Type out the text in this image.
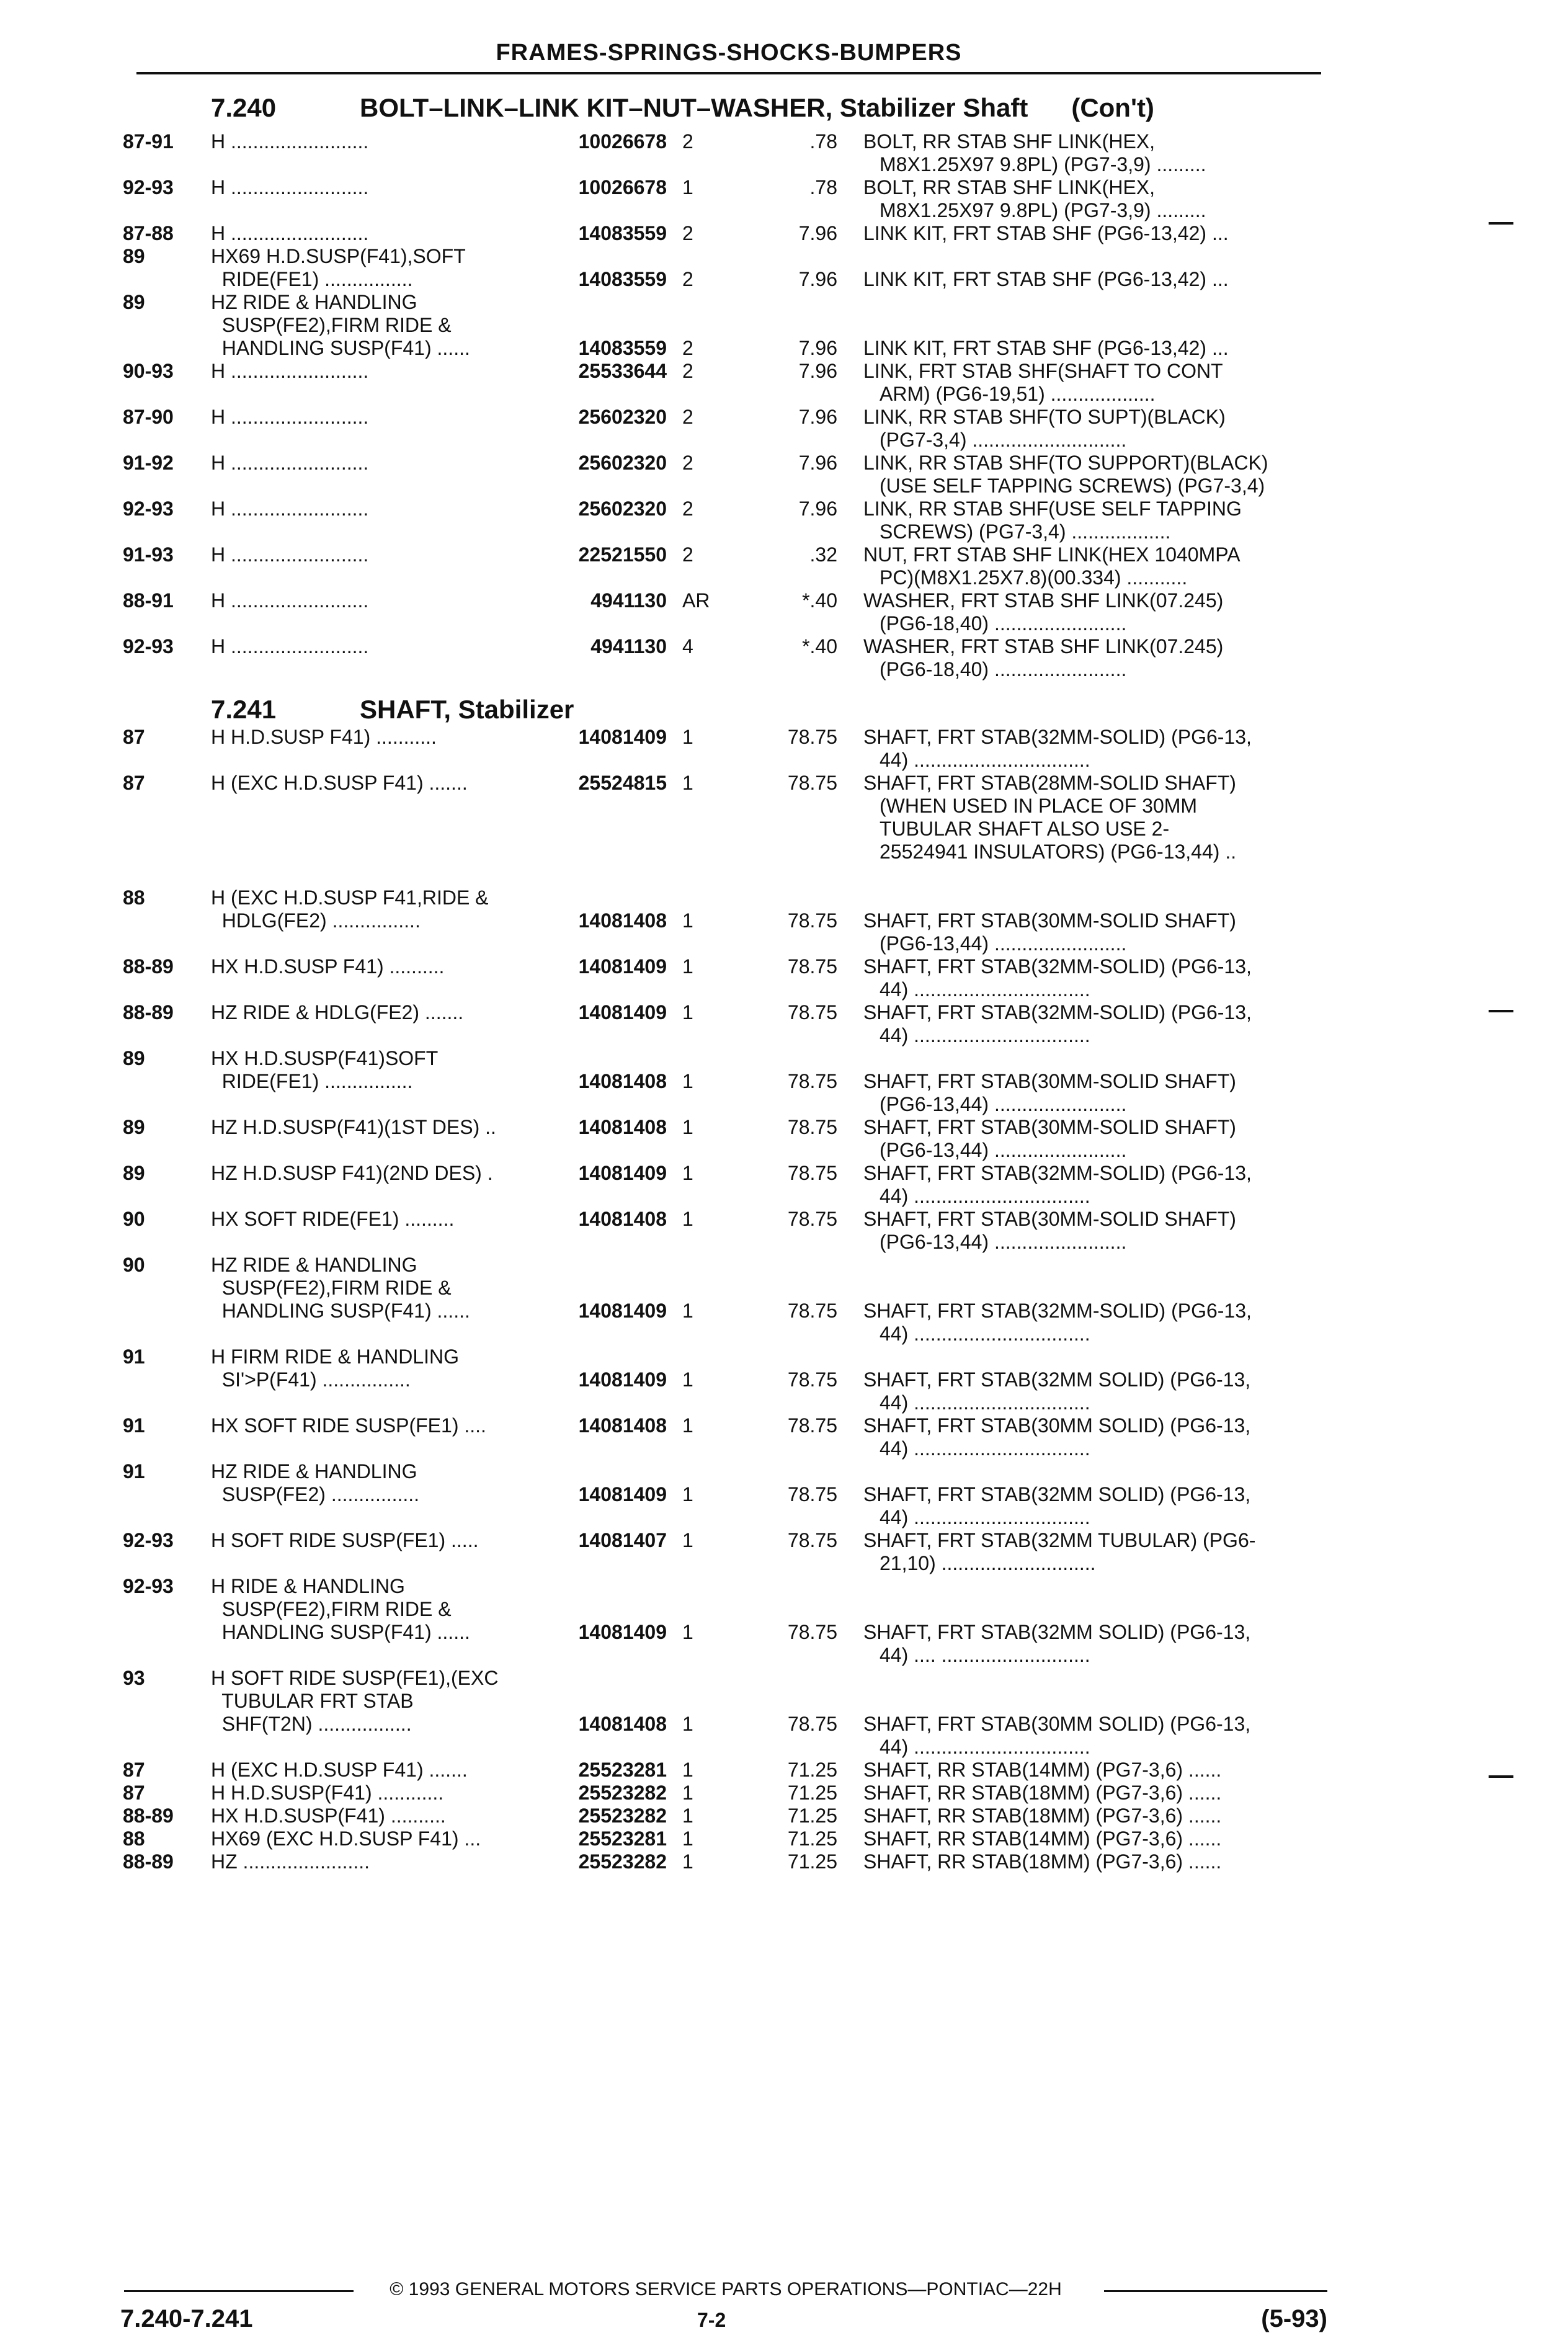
FRAMES-SPRINGS-SHOCKS-BUMPERS
7.240	BOLT–LINK–LINK KIT–NUT–WASHER, Stabilizer Shaft (Con't)
87-91	H .........................	10026678 2	.78 BOLT, RR STAB SHF LINK(HEX,
M8X1.25X97 9.8PL) (PG7-3,9) .........
92-93	H .........................	10026678 1	.78 BOLT, RR STAB SHF LINK(HEX,
M8X1.25X97 9.8PL) (PG7-3,9) .........
87-88	H .........................	14083559 2	7.96 LINK KIT, FRT STAB SHF (PG6-13,42) ...
89	HX69 H.D.SUSP(F41),SOFT
RIDE(FE1) ................	14083559 2	7.96 LINK KIT, FRT STAB SHF (PG6-13,42) ...
89	HZ RIDE & HANDLING
SUSP(FE2),FIRM RIDE &
HANDLING SUSP(F41) ......	14083559 2	7.96 LINK KIT, FRT STAB SHF (PG6-13,42) ...
90-93	H .........................	25533644 2	7.96 LINK, FRT STAB SHF(SHAFT TO CONT
ARM) (PG6-19,51) ...................
87-90	H .........................	25602320 2	7.96 LINK, RR STAB SHF(TO SUPT)(BLACK)
(PG7-3,4) ............................
91-92	H .........................	25602320 2	7.96 LINK, RR STAB SHF(TO SUPPORT)(BLACK)
(USE SELF TAPPING SCREWS) (PG7-3,4)
92-93	H .........................	25602320 2	7.96 LINK, RR STAB SHF(USE SELF TAPPING
SCREWS) (PG7-3,4) ..................
91-93	H .........................	22521550 2	.32 NUT, FRT STAB SHF LINK(HEX 1040MPA
PC)(M8X1.25X7.8)(00.334) ...........
88-91	H .........................	4941130 AR	*.40 WASHER, FRT STAB SHF LINK(07.245)
(PG6-18,40) ........................
92-93	H .........................	4941130 4	*.40 WASHER, FRT STAB SHF LINK(07.245)
(PG6-18,40) ........................
7.241	SHAFT, Stabilizer
87	H H.D.SUSP F41) ...........	14081409 1	78.75 SHAFT, FRT STAB(32MM-SOLID) (PG6-13,
44) ................................
87	H (EXC H.D.SUSP F41) .......	25524815 1	78.75 SHAFT, FRT STAB(28MM-SOLID SHAFT)
(WHEN USED IN PLACE OF 30MM
TUBULAR SHAFT ALSO USE 2-
25524941 INSULATORS) (PG6-13,44) ..
88	H (EXC H.D.SUSP F41,RIDE &
HDLG(FE2) ................	14081408 1	78.75 SHAFT, FRT STAB(30MM-SOLID SHAFT)
(PG6-13,44) ........................
88-89	HX H.D.SUSP F41) ..........	14081409 1	78.75 SHAFT, FRT STAB(32MM-SOLID) (PG6-13,
44) ................................
88-89	HZ RIDE & HDLG(FE2) .......	14081409 1	78.75 SHAFT, FRT STAB(32MM-SOLID) (PG6-13,
44) ................................
89	HX H.D.SUSP(F41)SOFT
RIDE(FE1) ................	14081408 1	78.75 SHAFT, FRT STAB(30MM-SOLID SHAFT)
(PG6-13,44) ........................
89	HZ H.D.SUSP(F41)(1ST DES) ..	14081408 1	78.75 SHAFT, FRT STAB(30MM-SOLID SHAFT)
(PG6-13,44) ........................
89	HZ H.D.SUSP F41)(2ND DES) .	14081409 1	78.75 SHAFT, FRT STAB(32MM-SOLID) (PG6-13,
44) ................................
90	HX SOFT RIDE(FE1) .........	14081408 1	78.75 SHAFT, FRT STAB(30MM-SOLID SHAFT)
(PG6-13,44) ........................
90	HZ RIDE & HANDLING
SUSP(FE2),FIRM RIDE &
HANDLING SUSP(F41) ......	14081409 1	78.75 SHAFT, FRT STAB(32MM-SOLID) (PG6-13,
44) ................................
91	H FIRM RIDE & HANDLING
SI'>P(F41) ................	14081409 1	78.75 SHAFT, FRT STAB(32MM SOLID) (PG6-13,
44) ................................
91	HX SOFT RIDE SUSP(FE1) ....	14081408 1	78.75 SHAFT, FRT STAB(30MM SOLID) (PG6-13,
44) ................................
91	HZ RIDE & HANDLING
SUSP(FE2) ................	14081409 1	78.75 SHAFT, FRT STAB(32MM SOLID) (PG6-13,
44) ................................
92-93	H SOFT RIDE SUSP(FE1) .....	14081407 1	78.75 SHAFT, FRT STAB(32MM TUBULAR) (PG6-
21,10) ............................
92-93	H RIDE & HANDLING
SUSP(FE2),FIRM RIDE &
HANDLING SUSP(F41) ......	14081409 1	78.75 SHAFT, FRT STAB(32MM SOLID) (PG6-13,
44) .... ...........................
93	H SOFT RIDE SUSP(FE1),(EXC
TUBULAR FRT STAB
SHF(T2N) .................	14081408 1	78.75 SHAFT, FRT STAB(30MM SOLID) (PG6-13,
44) ................................
87	H (EXC H.D.SUSP F41) .......	25523281 1	71.25 SHAFT, RR STAB(14MM) (PG7-3,6) ......
87	H H.D.SUSP(F41) ............	25523282 1	71.25 SHAFT, RR STAB(18MM) (PG7-3,6) ......
88-89	HX H.D.SUSP(F41) ..........	25523282 1	71.25 SHAFT, RR STAB(18MM) (PG7-3,6) ......
88	HX69 (EXC H.D.SUSP F41) ...	25523281 1	71.25 SHAFT, RR STAB(14MM) (PG7-3,6) ......
88-89	HZ .......................	25523282 1	71.25 SHAFT, RR STAB(18MM) (PG7-3,6) ......
© 1993 GENERAL MOTORS SERVICE PARTS OPERATIONS—PONTIAC—22H
7.240-7.241	7-2	(5-93)
